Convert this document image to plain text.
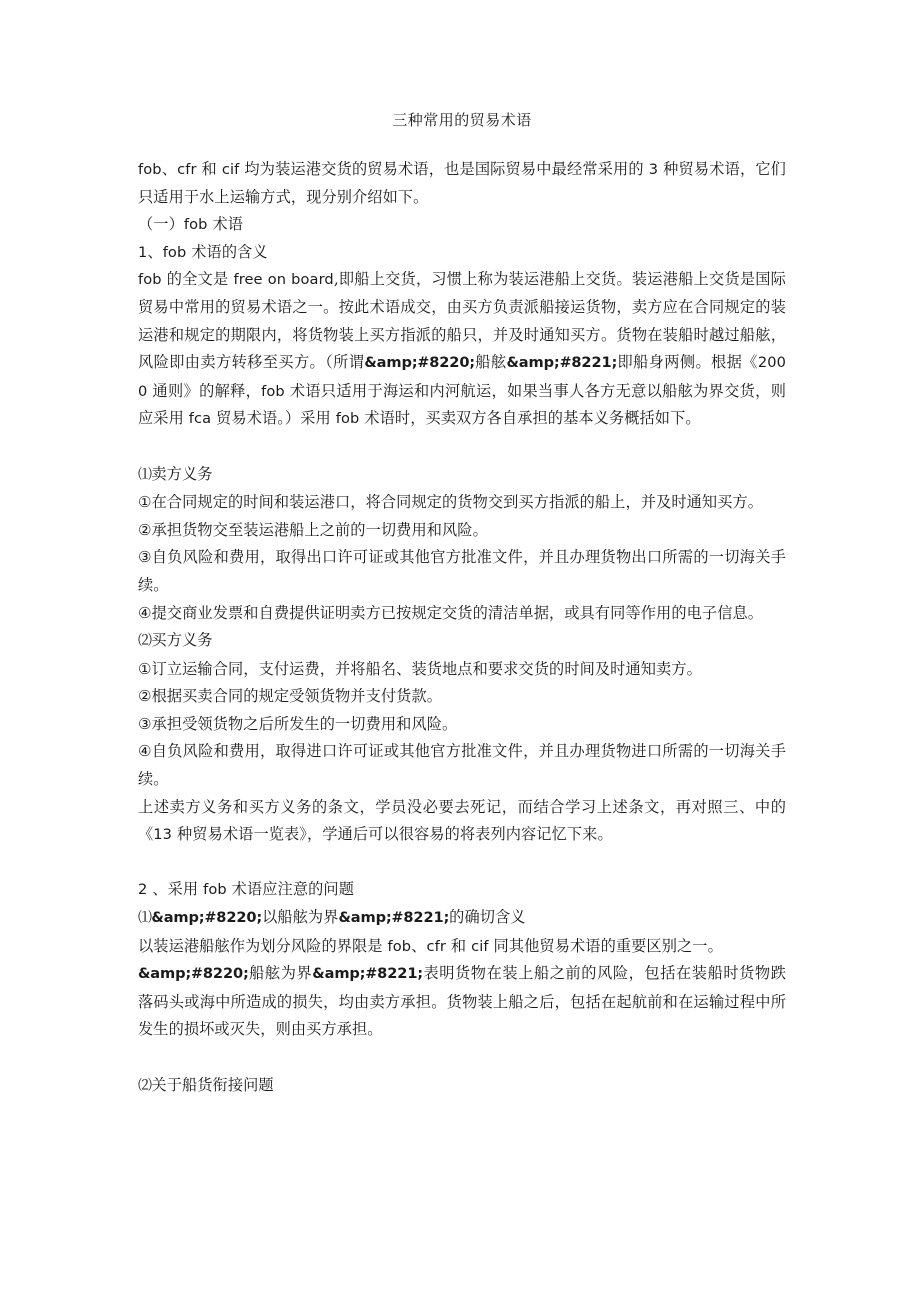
三种常用的贸易术语

fob、cfr 和 cif 均为装运港交货的贸易术语，也是国际贸易中最经常采用的 3 种贸易术语，它们只适用于水上运输方式，现分别介绍如下。

（一）fob 术语

1、fob 术语的含义

fob 的全文是 free on board,即船上交货，习惯上称为装运港船上交货。装运港船上交货是国际贸易中常用的贸易术语之一。按此术语成交，由买方负责派船接运货物，卖方应在合同规定的装运港和规定的期限内，将货物装上买方指派的船只，并及时通知买方。货物在装船时越过船舷，风险即由卖方转移至买方。（所谓&amp;#8220;船舷&amp;#8221;即船身两侧。根据《2000 通则》的解释，fob 术语只适用于海运和内河航运，如果当事人各方无意以船舷为界交货，则应采用 fca 贸易术语。）采用 fob 术语时，买卖双方各自承担的基本义务概括如下。

⑴卖方义务

①在合同规定的时间和装运港口，将合同规定的货物交到买方指派的船上，并及时通知买方。

②承担货物交至装运港船上之前的一切费用和风险。

③自负风险和费用，取得出口许可证或其他官方批准文件，并且办理货物出口所需的一切海关手续。

④提交商业发票和自费提供证明卖方已按规定交货的清洁单据，或具有同等作用的电子信息。

⑵买方义务

①订立运输合同，支付运费，并将船名、装货地点和要求交货的时间及时通知卖方。

②根据买卖合同的规定受领货物并支付货款。

③承担受领货物之后所发生的一切费用和风险。

④自负风险和费用，取得进口许可证或其他官方批准文件，并且办理货物进口所需的一切海关手续。

上述卖方义务和买方义务的条文，学员没必要去死记，而结合学习上述条文，再对照三、中的《13 种贸易术语一览表》，学通后可以很容易的将表列内容记忆下来。

2 、采用 fob 术语应注意的问题

⑴&amp;#8220;以船舷为界&amp;#8221;的确切含义

以装运港船舷作为划分风险的界限是 fob、cfr 和 cif 同其他贸易术语的重要区别之一。

&amp;#8220;船舷为界&amp;#8221;表明货物在装上船之前的风险，包括在装船时货物跌落码头或海中所造成的损失，均由卖方承担。货物装上船之后，包括在起航前和在运输过程中所发生的损坏或灭失，则由买方承担。

⑵关于船货衔接问题
